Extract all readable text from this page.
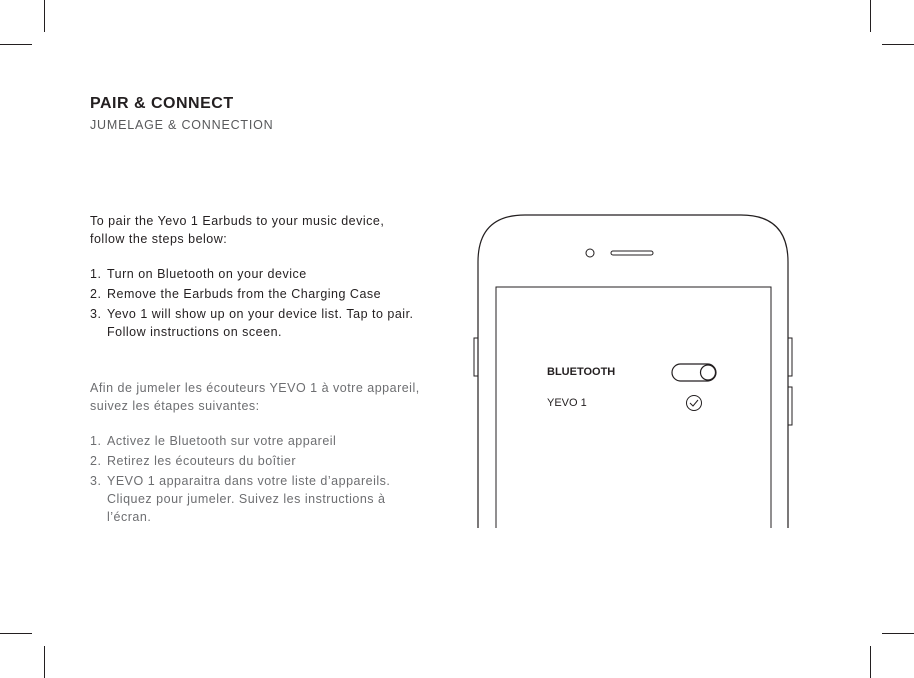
PAIR & CONNECT
JUMELAGE & CONNECTION

To pair the Yevo 1 Earbuds to your music device, follow the steps below:

1. Turn on Bluetooth on your device
2. Remove the Earbuds from the Charging Case
3. Yevo 1 will show up on your device list. Tap to pair. Follow instructions on sceen.

Afin de jumeler les écouteurs YEVO 1 à votre appareil, suivez les étapes suivantes:

1. Activez le Bluetooth sur votre appareil
2. Retirez les écouteurs du boîtier
3. YEVO 1 apparaitra dans votre liste d’appareils. Cliquez pour jumeler. Suivez les instructions à l’écran.
BLUETOOTH
YEVO 1
